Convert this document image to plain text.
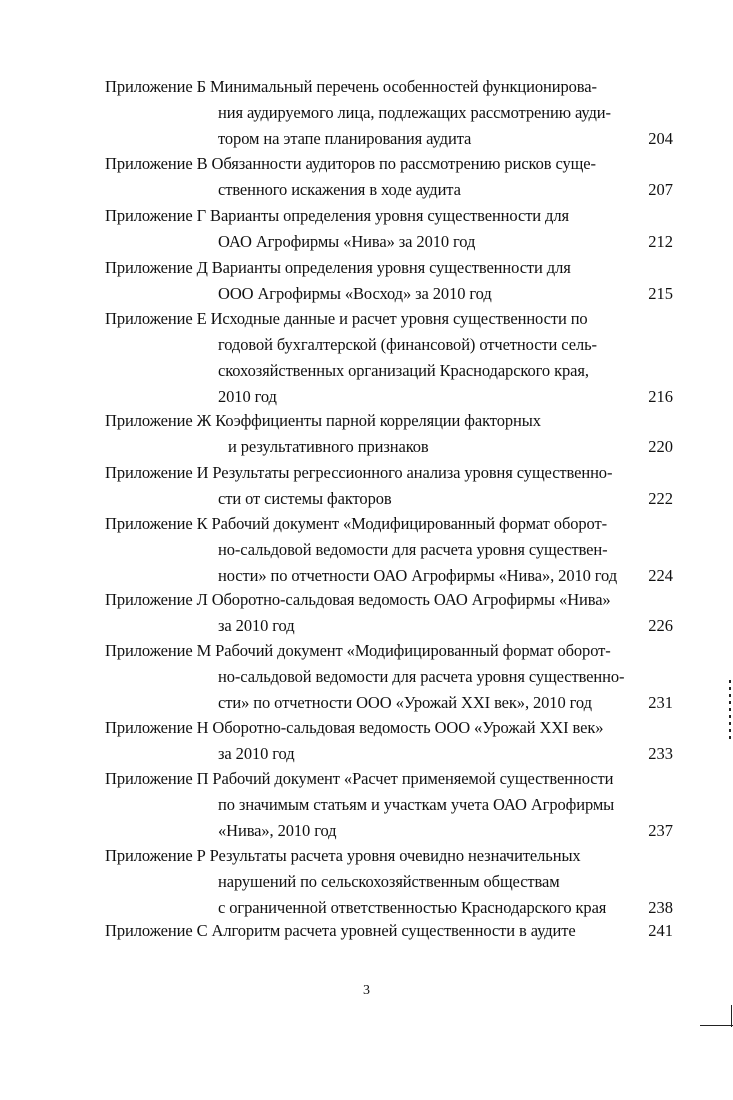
Приложение Б Минимальный перечень особенностей функционирова-
ния аудируемого лица, подлежащих рассмотрению ауди-
тором на этапе планирования аудита	204
Приложение В Обязанности аудиторов по рассмотрению рисков суще-
ственного искажения в ходе аудита	207
Приложение Г Варианты определения уровня существенности для
ОАО Агрофирмы «Нива» за 2010 год	212
Приложение Д Варианты определения уровня существенности для
ООО Агрофирмы «Восход» за 2010 год	215
Приложение Е Исходные данные и расчет уровня существенности по
годовой бухгалтерской (финансовой) отчетности сель-
скохозяйственных организаций Краснодарского края,
2010 год	216
Приложение Ж Коэффициенты парной корреляции факторных
и результативного признаков	220
Приложение И Результаты регрессионного анализа уровня существенно-
сти от системы факторов	222
Приложение К Рабочий документ «Модифицированный формат оборот-
но-сальдовой ведомости для расчета уровня существен-
ности» по отчетности ОАО Агрофирмы «Нива», 2010 год	224
Приложение Л Оборотно-сальдовая ведомость ОАО Агрофирмы «Нива»
за 2010 год	226
Приложение М Рабочий документ «Модифицированный формат оборот-
но-сальдовой ведомости для расчета уровня существенно-
сти» по отчетности ООО «Урожай XXI век», 2010 год	231
Приложение Н Оборотно-сальдовая ведомость ООО «Урожай XXI век»
за 2010 год	233
Приложение П Рабочий документ «Расчет применяемой существенности
по значимым статьям и участкам учета ОАО Агрофирмы
«Нива», 2010 год	237
Приложение Р Результаты расчета уровня очевидно незначительных
нарушений по сельскохозяйственным обществам
с ограниченной ответственностью Краснодарского края	238
Приложение С Алгоритм расчета уровней существенности в аудите	241
3
